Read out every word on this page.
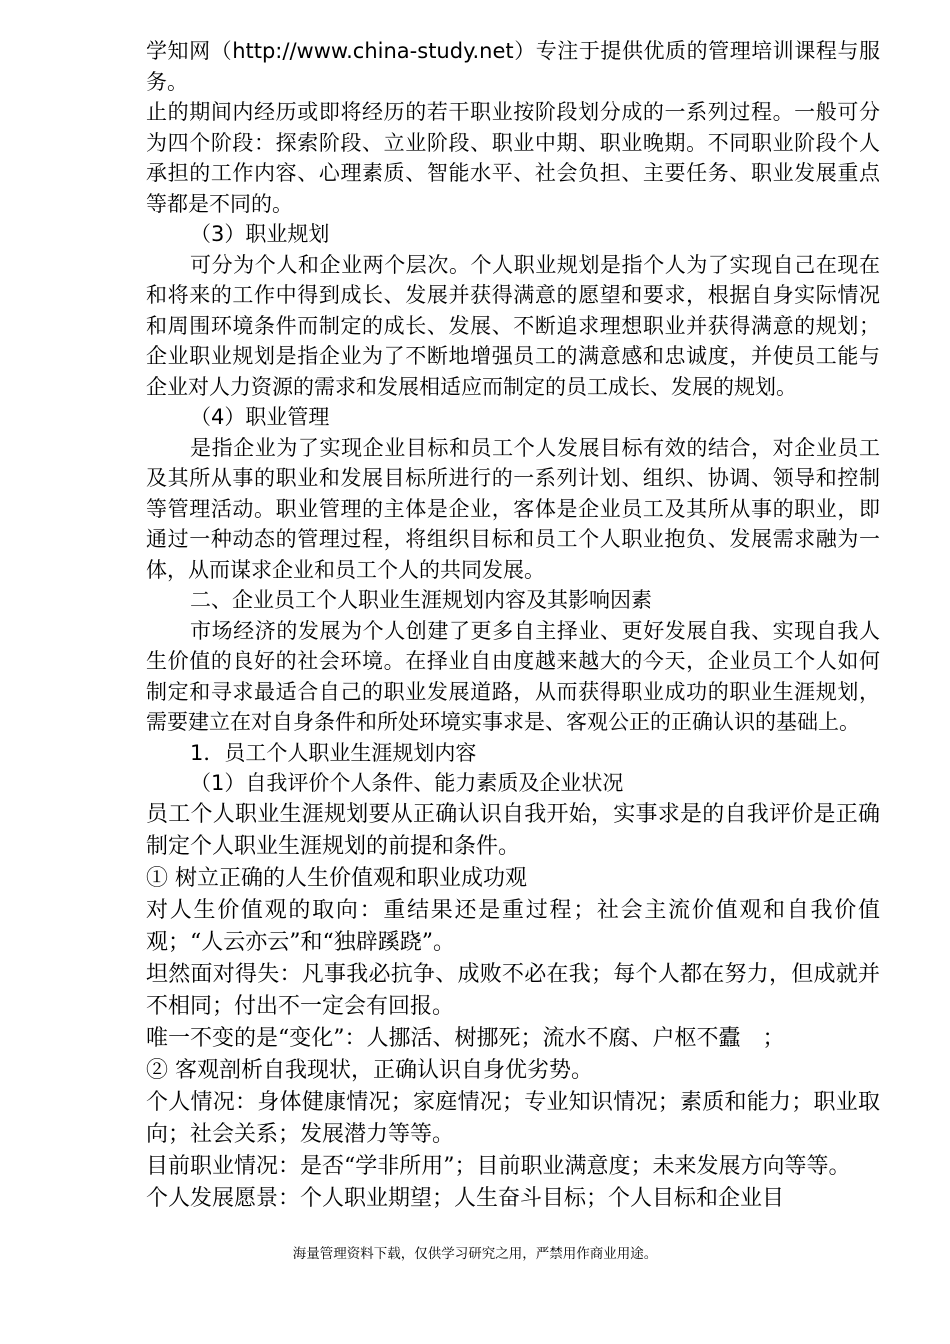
学知网（http://www.china-study.net）专注于提供优质的管理培训课程与服务。

止的期间内经历或即将经历的若干职业按阶段划分成的一系列过程。一般可分为四个阶段：探索阶段、立业阶段、职业中期、职业晚期。不同职业阶段个人承担的工作内容、心理素质、智能水平、社会负担、主要任务、职业发展重点等都是不同的。

（3）职业规划

可分为个人和企业两个层次。个人职业规划是指个人为了实现自己在现在和将来的工作中得到成长、发展并获得满意的愿望和要求，根据自身实际情况和周围环境条件而制定的成长、发展、不断追求理想职业并获得满意的规划；企业职业规划是指企业为了不断地增强员工的满意感和忠诚度，并使员工能与企业对人力资源的需求和发展相适应而制定的员工成长、发展的规划。

（4）职业管理

是指企业为了实现企业目标和员工个人发展目标有效的结合，对企业员工及其所从事的职业和发展目标所进行的一系列计划、组织、协调、领导和控制等管理活动。职业管理的主体是企业，客体是企业员工及其所从事的职业，即通过一种动态的管理过程，将组织目标和员工个人职业抱负、发展需求融为一体，从而谋求企业和员工个人的共同发展。

二、企业员工个人职业生涯规划内容及其影响因素

市场经济的发展为个人创建了更多自主择业、更好发展自我、实现自我人生价值的良好的社会环境。在择业自由度越来越大的今天，企业员工个人如何制定和寻求最适合自己的职业发展道路，从而获得职业成功的职业生涯规划，需要建立在对自身条件和所处环境实事求是、客观公正的正确认识的基础上。

1．员工个人职业生涯规划内容

（1）自我评价个人条件、能力素质及企业状况

员工个人职业生涯规划要从正确认识自我开始，实事求是的自我评价是正确制定个人职业生涯规划的前提和条件。

① 树立正确的人生价值观和职业成功观

对人生价值观的取向：重结果还是重过程；社会主流价值观和自我价值观；“人云亦云”和“独辟蹊跷”。

坦然面对得失：凡事我必抗争、成败不必在我；每个人都在努力，但成就并不相同；付出不一定会有回报。

唯一不变的是“变化”：人挪活、树挪死；流水不腐、户枢不蠹　；

② 客观剖析自我现状，正确认识自身优劣势。

个人情况：身体健康情况；家庭情况；专业知识情况；素质和能力；职业取向；社会关系；发展潜力等等。

目前职业情况：是否“学非所用”；目前职业满意度；未来发展方向等等。

个人发展愿景：个人职业期望；人生奋斗目标；个人目标和企业目

海量管理资料下载，仅供学习研究之用，严禁用作商业用途。
